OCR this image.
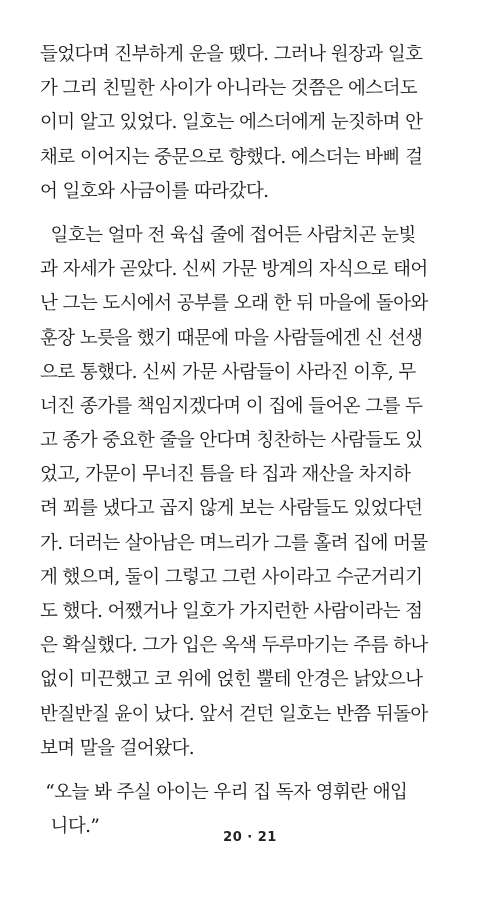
들었다며 진부하게 운을 뗐다. 그러나 원장과 일호
가 그리 친밀한 사이가 아니라는 것쯤은 에스더도
이미 알고 있었다. 일호는 에스더에게 눈짓하며 안
채로 이어지는 중문으로 향했다. 에스더는 바삐 걸
어 일호와 사금이를 따라갔다.
일호는 얼마 전 육십 줄에 접어든 사람치곤 눈빛
과 자세가 곧았다. 신씨 가문 방계의 자식으로 태어
난 그는 도시에서 공부를 오래 한 뒤 마을에 돌아와
훈장 노릇을 했기 때문에 마을 사람들에겐 신 선생
으로 통했다. 신씨 가문 사람들이 사라진 이후, 무
너진 종가를 책임지겠다며 이 집에 들어온 그를 두
고 종가 중요한 줄을 안다며 칭찬하는 사람들도 있
었고, 가문이 무너진 틈을 타 집과 재산을 차지하
려 꾀를 냈다고 곱지 않게 보는 사람들도 있었다던
가. 더러는 살아남은 며느리가 그를 홀려 집에 머물
게 했으며, 둘이 그렇고 그런 사이라고 수군거리기
도 했다. 어쨌거나 일호가 가지런한 사람이라는 점
은 확실했다. 그가 입은 옥색 두루마기는 주름 하나
없이 미끈했고 코 위에 얹힌 뿔테 안경은 낡았으나
반질반질 윤이 났다. 앞서 걷던 일호는 반쯤 뒤돌아
보며 말을 걸어왔다.
“오늘 봐 주실 아이는 우리 집 독자 영휘란 애입
니다.”
20 · 21
